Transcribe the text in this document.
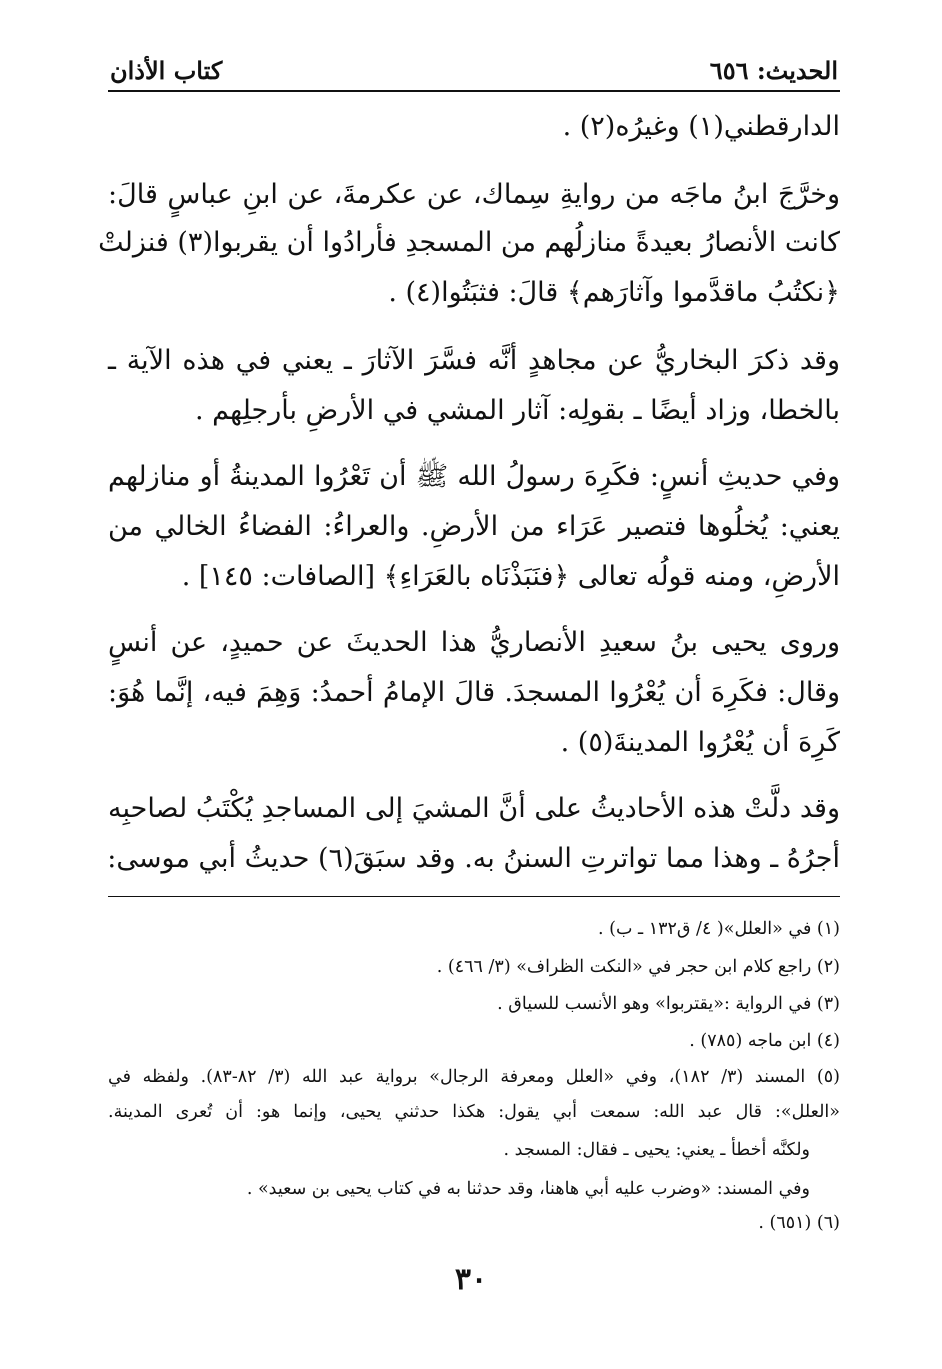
الحديث: ٦٥٦
كتاب الأذان
الدارقطني(١) وغيرُه(٢) .
وخرَّجَ ابنُ ماجَه من روايةِ سِماك، عن عكرمةَ، عن ابنِ عباسٍ قالَ:
كانت الأنصارُ بعيدةً منازلُهم من المسجدِ فأرادُوا أن يقربوا(٣) فنزلتْ
﴿نكتُبُ ماقدَّموا وآثارَهم﴾ قالَ: فثبَتُوا(٤) .
وقد ذكرَ البخاريُّ عن مجاهدٍ أنَّه فسَّرَ الآثارَ ـ يعني في هذه الآية ـ
بالخطا، وزاد أيضًا ـ بقولِه: آثار المشي في الأرضِ بأرجلِهم .
وفي حديثِ أنسٍ: فكَرِهَ رسولُ الله ﷺ أن تَعْرُوا المدينةُ أو منازلهم
يعني: يُخلُوها فتصير عَرَاء من الأرضِ. والعراءُ: الفضاءُ الخالي من
الأرضِ، ومنه قولُه تعالى ﴿فنَبَذْنَاه بالعَرَاءِ﴾ [الصافات: ١٤٥] .
وروى يحيى بنُ سعيدِ الأنصاريُّ هذا الحديثَ عن حميدٍ، عن أنسٍ
وقال: فكَرِهَ أن يُعْرُوا المسجدَ. قالَ الإمامُ أحمدُ: وَهِمَ فيه، إنَّما هُوَ:
كَرِهَ أن يُعْرُوا المدينةَ(٥) .
وقد دلَّتْ هذه الأحاديثُ على أنَّ المشيَ إلى المساجدِ يُكْتَبُ لصاحبِه
أجرُهُ ـ وهذا مما تواترتِ السننُ به. وقد سبَقَ(٦) حديثُ أبي موسى:
(١) في «العلل»( ٤/ ق١٣٢ ـ ب) .
(٢) راجع كلام ابن حجر في «النكت الظراف» (٣/ ٤٦٦) .
(٣) في الرواية :«يقتربوا» وهو الأنسب للسياق .
(٤) ابن ماجه (٧٨٥) .
(٥) المسند (٣/ ١٨٢)، وفي «العلل ومعرفة الرجال» برواية عبد الله (٣/ ٨٢-٨٣). ولفظه في
«العلل»: قال عبد الله: سمعت أبي يقول: هكذا حدثني يحيى، وإنما هو: أن تُعرى المدينة.
ولكنَّه أخطأ ـ يعني: يحيى ـ فقال: المسجد .
وفي المسند: «وضرب عليه أبي هاهنا، وقد حدثنا به في كتاب يحيى بن سعيد» .
(٦) (٦٥١) .
٣٠
